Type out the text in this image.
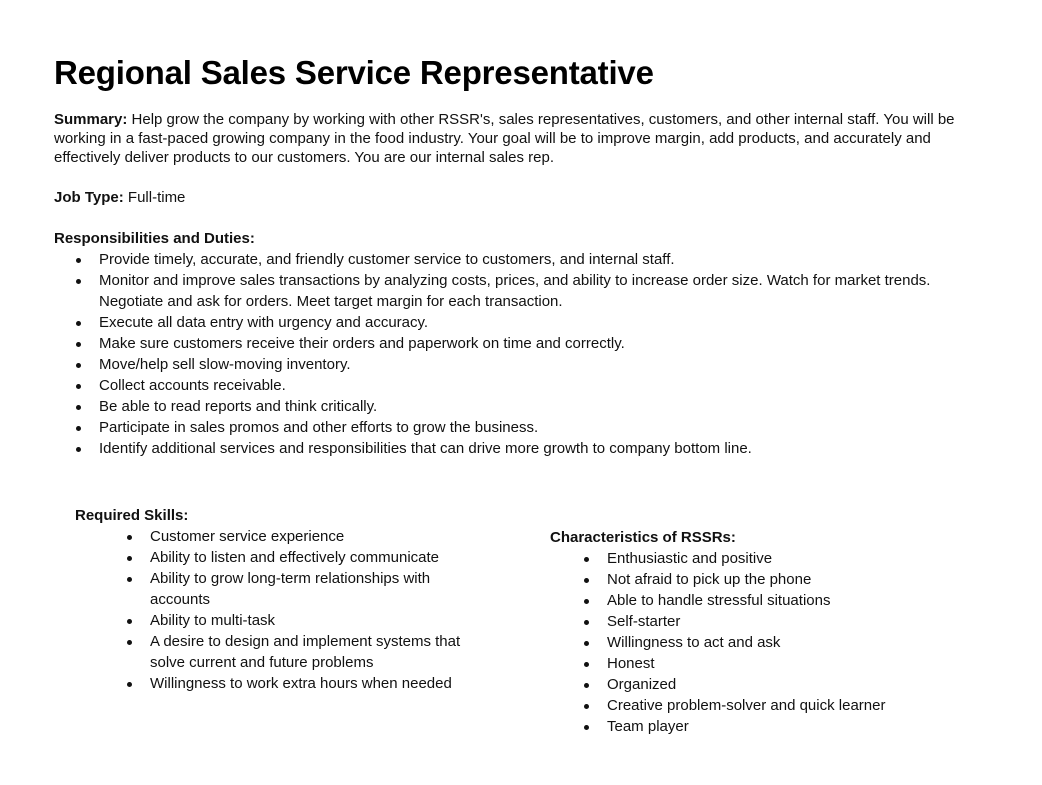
Regional Sales Service Representative

Summary: Help grow the company by working with other RSSR's, sales representatives, customers, and other internal staff. You will be working in a fast-paced growing company in the food industry. Your goal will be to improve margin, add products, and accurately and effectively deliver products to our customers. You are our internal sales rep.

Job Type: Full-time

Responsibilities and Duties:

Provide timely, accurate, and friendly customer service to customers, and internal staff.
Monitor and improve sales transactions by analyzing costs, prices, and ability to increase order size. Watch for market trends. Negotiate and ask for orders. Meet target margin for each transaction.
Execute all data entry with urgency and accuracy.
Make sure customers receive their orders and paperwork on time and correctly.
Move/help sell slow-moving inventory.
Collect accounts receivable.
Be able to read reports and think critically.
Participate in sales promos and other efforts to grow the business.
Identify additional services and responsibilities that can drive more growth to company bottom line.

Required Skills:

Customer service experience
Ability to listen and effectively communicate
Ability to grow long-term relationships with accounts
Ability to multi-task
A desire to design and implement systems that solve current and future problems
Willingness to work extra hours when needed

Characteristics of RSSRs:

Enthusiastic and positive
Not afraid to pick up the phone
Able to handle stressful situations
Self-starter
Willingness to act and ask
Honest
Organized
Creative problem-solver and quick learner
Team player
